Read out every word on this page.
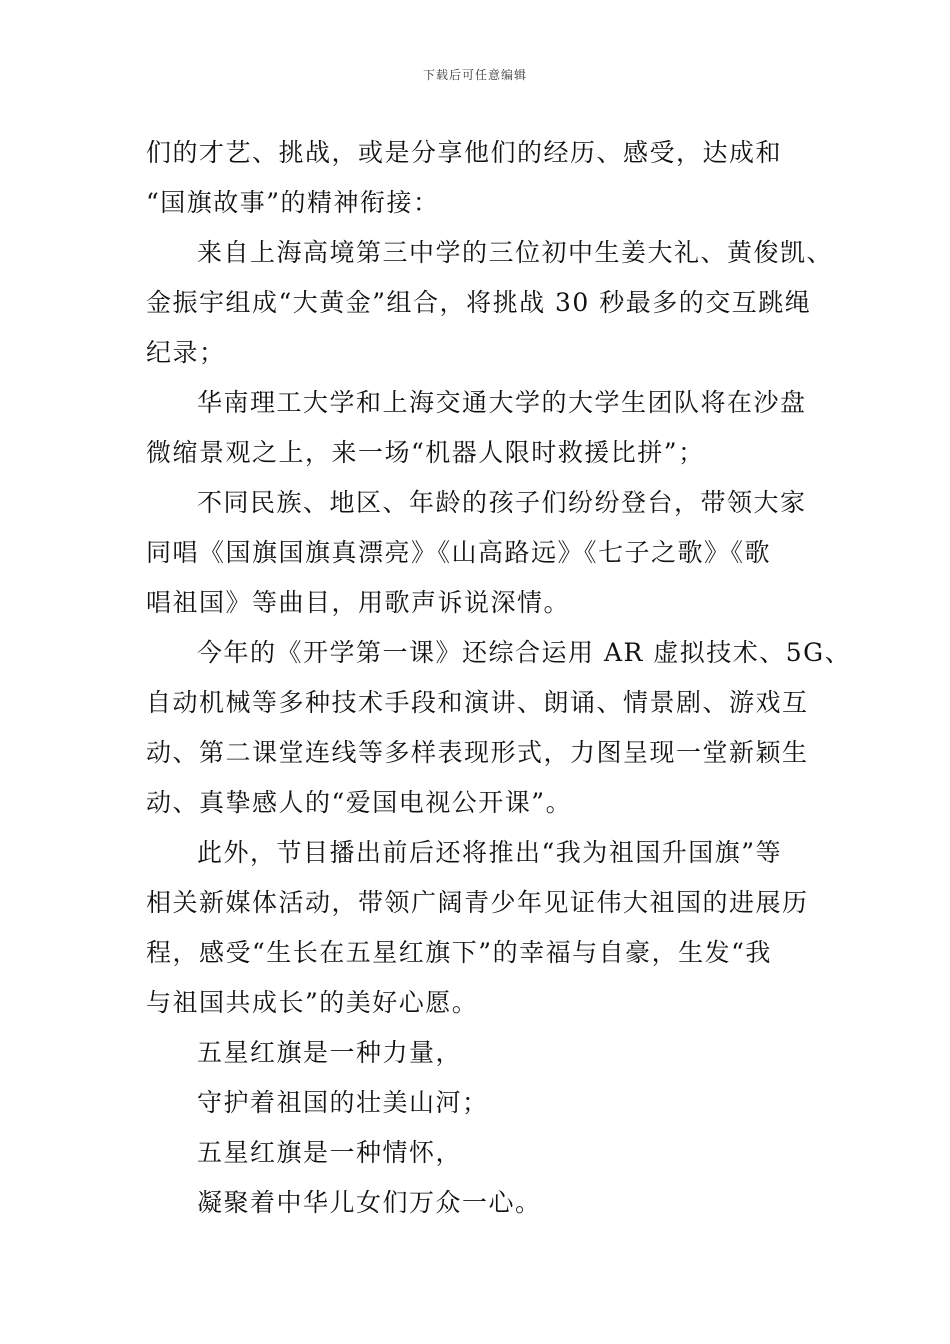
下载后可任意编辑
们的才艺、挑战，或是分享他们的经历、感受，达成和
“国旗故事”的精神衔接：
来自上海高境第三中学的三位初中生姜大礼、黄俊凯、
金振宇组成“大黄金”组合，将挑战 30 秒最多的交互跳绳
纪录；
华南理工大学和上海交通大学的大学生团队将在沙盘
微缩景观之上，来一场“机器人限时救援比拼”；
不同民族、地区、年龄的孩子们纷纷登台，带领大家
同唱《国旗国旗真漂亮》《山高路远》《七子之歌》《歌
唱祖国》等曲目，用歌声诉说深情。
今年的《开学第一课》还综合运用 AR 虚拟技术、5G、
自动机械等多种技术手段和演讲、朗诵、情景剧、游戏互
动、第二课堂连线等多样表现形式，力图呈现一堂新颖生
动、真挚感人的“爱国电视公开课”。
此外，节目播出前后还将推出“我为祖国升国旗”等
相关新媒体活动，带领广阔青少年见证伟大祖国的进展历
程，感受“生长在五星红旗下”的幸福与自豪，生发“我
与祖国共成长”的美好心愿。
五星红旗是一种力量，
守护着祖国的壮美山河；
五星红旗是一种情怀，
凝聚着中华儿女们万众一心。
